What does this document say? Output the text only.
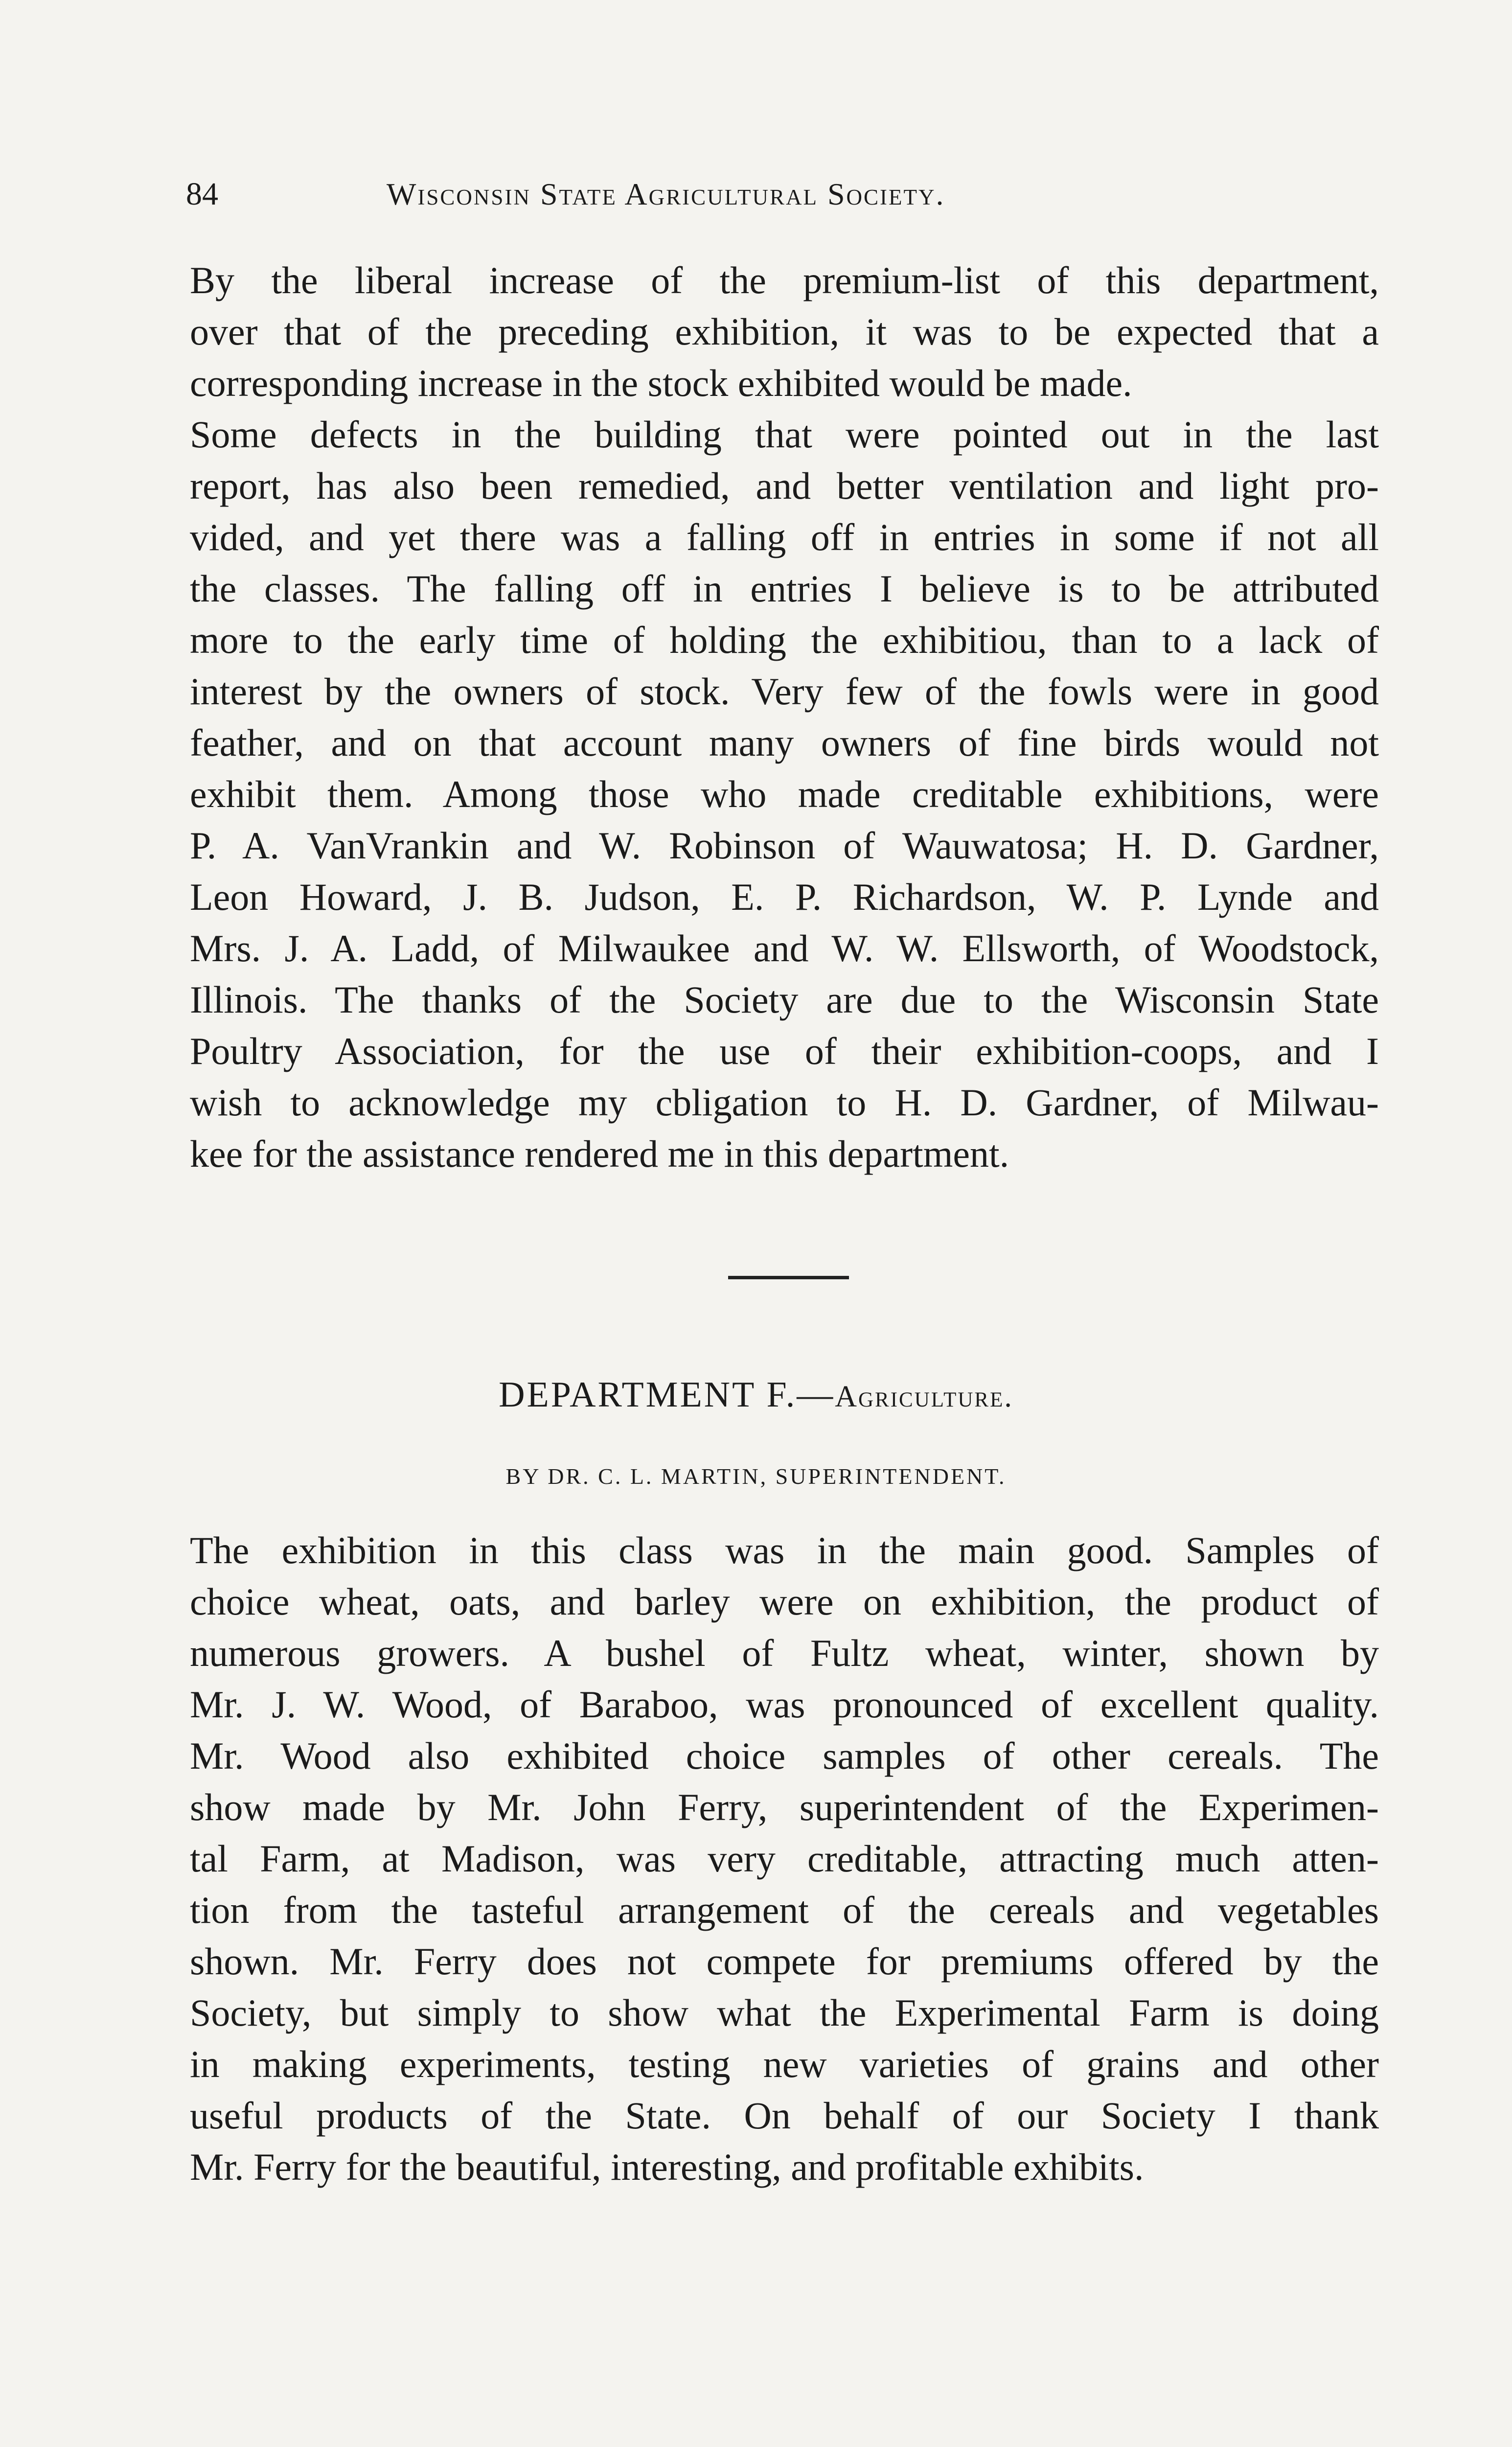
84	Wisconsin State Agricultural Society.
By the liberal increase of the premium-list of this department,
over that of the preceding exhibition, it was to be expected that a
corresponding increase in the stock exhibited would be made.
Some defects in the building that were pointed out in the last
report, has also been remedied, and better ventilation and light pro-
vided, and yet there was a falling off in entries in some if not all
the classes. The falling off in entries I believe is to be attributed
more to the early time of holding the exhibitiou, than to a lack of
interest by the owners of stock. Very few of the fowls were in good
feather, and on that account many owners of fine birds would not
exhibit them. Among those who made creditable exhibitions, were
P. A. VanVrankin and W. Robinson of Wauwatosa; H. D. Gardner,
Leon Howard, J. B. Judson, E. P. Richardson, W. P. Lynde and
Mrs. J. A. Ladd, of Milwaukee and W. W. Ellsworth, of Woodstock,
Illinois. The thanks of the Society are due to the Wisconsin State
Poultry Association, for the use of their exhibition-coops, and I
wish to acknowledge my cbligation to H. D. Gardner, of Milwau-
kee for the assistance rendered me in this department.
DEPARTMENT F.—Agriculture.
BY DR. C. L. MARTIN, SUPERINTENDENT.
The exhibition in this class was in the main good. Samples of
choice wheat, oats, and barley were on exhibition, the product of
numerous growers. A bushel of Fultz wheat, winter, shown by
Mr. J. W. Wood, of Baraboo, was pronounced of excellent quality.
Mr. Wood also exhibited choice samples of other cereals. The
show made by Mr. John Ferry, superintendent of the Experimen-
tal Farm, at Madison, was very creditable, attracting much atten-
tion from the tasteful arrangement of the cereals and vegetables
shown. Mr. Ferry does not compete for premiums offered by the
Society, but simply to show what the Experimental Farm is doing
in making experiments, testing new varieties of grains and other
useful products of the State. On behalf of our Society I thank
Mr. Ferry for the beautiful, interesting, and profitable exhibits.
